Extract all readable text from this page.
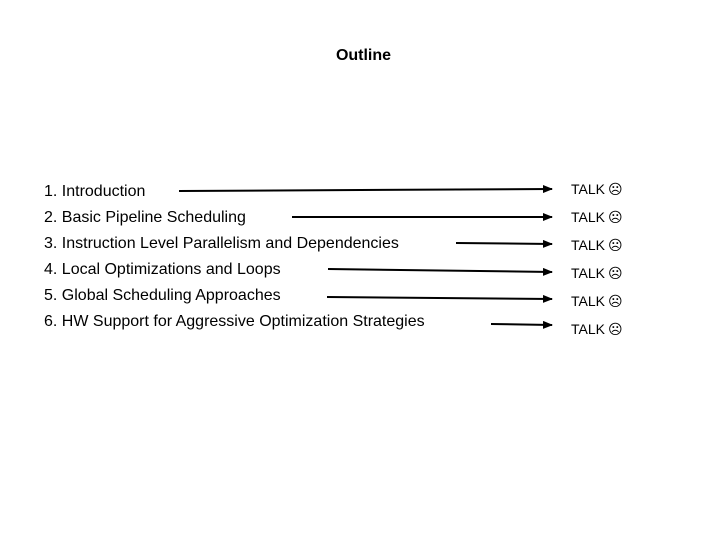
Outline
1. Introduction
2. Basic Pipeline Scheduling
3. Instruction Level Parallelism and Dependencies
4. Local Optimizations and Loops
5. Global Scheduling Approaches
6. HW Support for Aggressive Optimization Strategies
TALK ☹
TALK ☹
TALK ☹
TALK ☹
TALK ☹
TALK ☹
